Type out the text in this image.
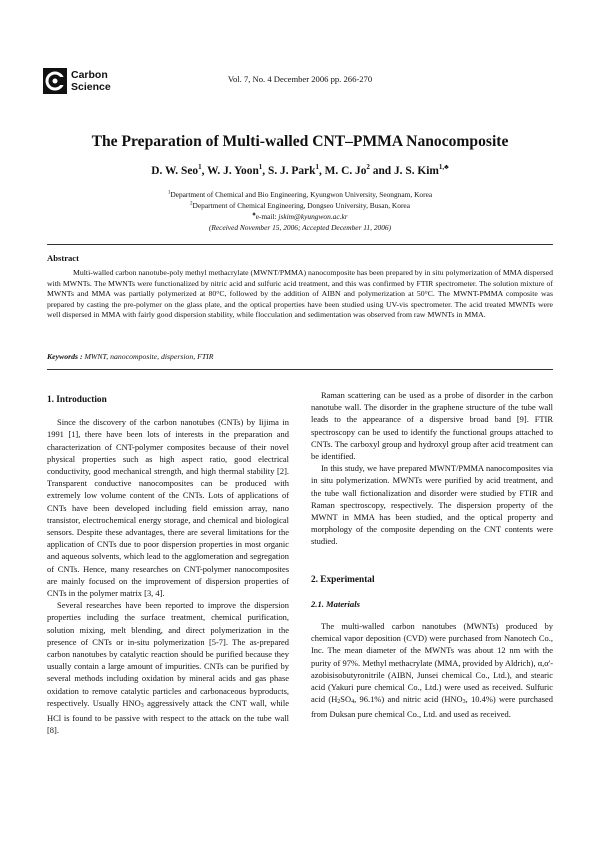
Carbon
Science
Vol. 7, No. 4 December 2006 pp. 266-270
The Preparation of Multi-walled CNT–PMMA Nanocomposite
D. W. Seo$^1$, W. J. Yoon$^1$, S. J. Park$^1$, M. C. Jo$^2$ and J. S. Kim$^{1,♣}$
$^1$Department of Chemical and Bio Engineering, Kyungwon University, Seongnam, Korea
$^2$Department of Chemical Engineering, Dongseo University, Busan, Korea
♣e-mail: jskim@kyungwon.ac.kr
(Received November 15, 2006; Accepted December 11, 2006)
Abstract
Multi-walled carbon nanotube-poly methyl methacrylate (MWNT/PMMA) nanocomposite has been prepared by in situ polymerization of MMA dispersed with MWNTs. The MWNTs were functionalized by nitric acid and sulfuric acid treatment, and this was confirmed by FTIR spectrometer. The solution mixture of MWNTs and MMA was partially polymerized at 80°C, followed by the addition of AIBN and polymerization at 50°C. The MWNT-PMMA composite was prepared by casting the pre-polymer on the glass plate, and the optical properties have been studied using UV-vis spectrometer. The acid treated MWNTs were well dispersed in MMA with fairly good dispersion stability, while flocculation and sedimentation was observed from raw MWNTs in MMA.
Keywords : MWNT, nanocomposite, dispersion, FTIR
1. Introduction

Since the discovery of the carbon nanotubes (CNTs) by Iijima in 1991 [1], there have been lots of interests in the preparation and characterization of CNT-polymer composites because of their novel physical properties such as high aspect ratio, good electrical conductivity, good mechanical strength, and high thermal stability [2]. Transparent conductive nanocomposites can be produced with extremely low volume content of the CNTs. Lots of applications of CNTs have been developed including field emission array, nano transistor, electrochemical energy storage, and chemical and biological sensors. Despite these advantages, there are several limitations for the application of CNTs due to poor dispersion properties in most organic and aqueous solvents, which lead to the agglomeration and segregation of CNTs. Hence, many researches on CNT-polymer nanocomposites are mainly focused on the improvement of dispersion properties of CNTs in the polymer matrix [3, 4].

Several researches have been reported to improve the dispersion properties including the surface treatment, chemical purification, solution mixing, melt blending, and direct polymerization in the presence of CNTs or in-situ polymerization [5-7]. The as-prepared carbon nanotubes by catalytic reaction should be purified because they usually contain a large amount of impurities. CNTs can be purified by several methods including oxidation by mineral acids and gas phase oxidation to remove catalytic particles and carbonaceous byproducts, respectively. Usually $HNO_3$ aggressively attack the CNT wall, while HCl is found to be passive with respect to the attack on the tube wall [8].

Raman scattering can be used as a probe of disorder in the carbon nanotube wall. The disorder in the graphene structure of the tube wall leads to the appearance of a dispersive broad band [9]. FTIR spectroscopy can be used to identify the functional groups attached to CNTs. The carboxyl group and hydroxyl group after acid treatment can be identified.

In this study, we have prepared MWNT/PMMA nanocomposites via in situ polymerization. MWNTs were purified by acid treatment, and the tube wall fictionalization and disorder were studied by FTIR and Raman spectroscopy, respectively. The dispersion property of the MWNT in MMA has been studied, and the optical property and morphology of the composite depending on the CNT contents were studied.

2. Experimental
2.1. Materials

The multi-walled carbon nanotubes (MWNTs) produced by chemical vapor deposition (CVD) were purchased from Nanotech Co., Inc. The mean diameter of the MWNTs was about 12 nm with the purity of 97%. Methyl methacrylate (MMA, provided by Aldrich), α,α'-azobisisobutyronitrile (AIBN, Junsei chemical Co., Ltd.), and stearic acid (Yakuri pure chemical Co., Ltd.) were used as received. Sulfuric acid ($H_2SO_4$, 96.1%) and nitric acid ($HNO_3$, 10.4%) were purchased from Duksan pure chemical Co., Ltd. and used as received.
